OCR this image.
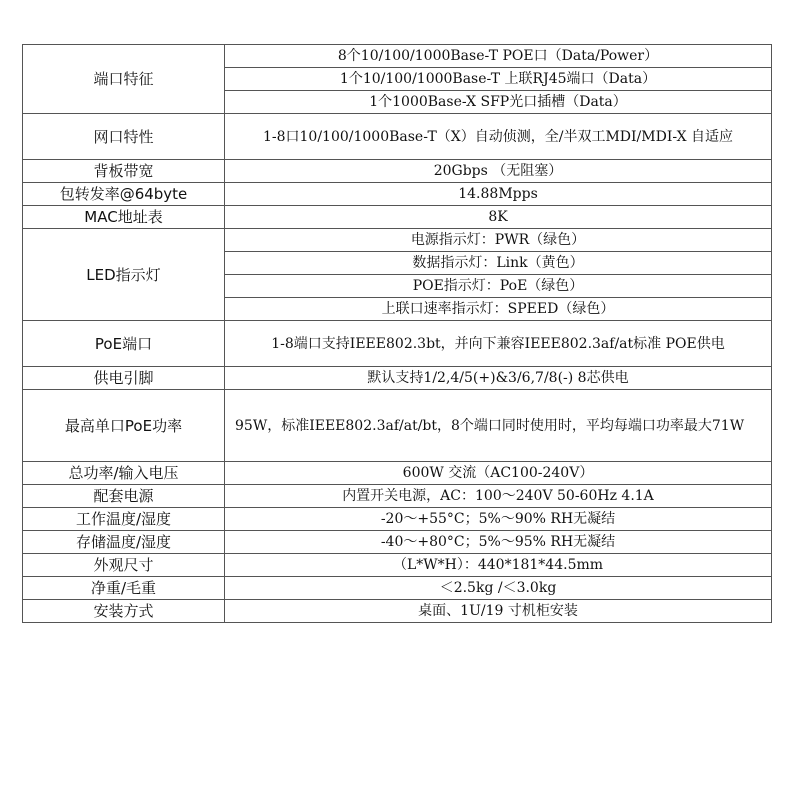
端口特征	8个10/100/1000Base-T POE口（Data/Power）
	1个10/100/1000Base-T 上联RJ45端口（Data）
	1个1000Base-X SFP光口插槽（Data）
网口特性	1-8口10/100/1000Base-T（X）自动侦测，全/半双工MDI/MDI-X 自适应
背板带宽	20Gbps （无阻塞）
包转发率@64byte	14.88Mpps
MAC地址表	8K
LED指示灯	电源指示灯：PWR（绿色）
	数据指示灯：Link（黄色）
	POE指示灯：PoE（绿色）
	上联口速率指示灯：SPEED（绿色）
PoE端口	1-8端口支持IEEE802.3bt，并向下兼容IEEE802.3af/at标准 POE供电
供电引脚	默认支持1/2,4/5(+)&3/6,7/8(-) 8芯供电
最高单口PoE功率	95W，标准IEEE802.3af/at/bt，8个端口同时使用时，平均每端口功率最大71W
总功率/输入电压	600W 交流（AC100-240V）
配套电源	内置开关电源，AC：100～240V 50-60Hz 4.1A
工作温度/湿度	-20～+55°C；5%～90% RH无凝结
存储温度/湿度	-40～+80°C；5%～95% RH无凝结
外观尺寸	（L*W*H）：440*181*44.5mm
净重/毛重	＜2.5kg /＜3.0kg
安装方式	桌面、1U/19 寸机柜安装
